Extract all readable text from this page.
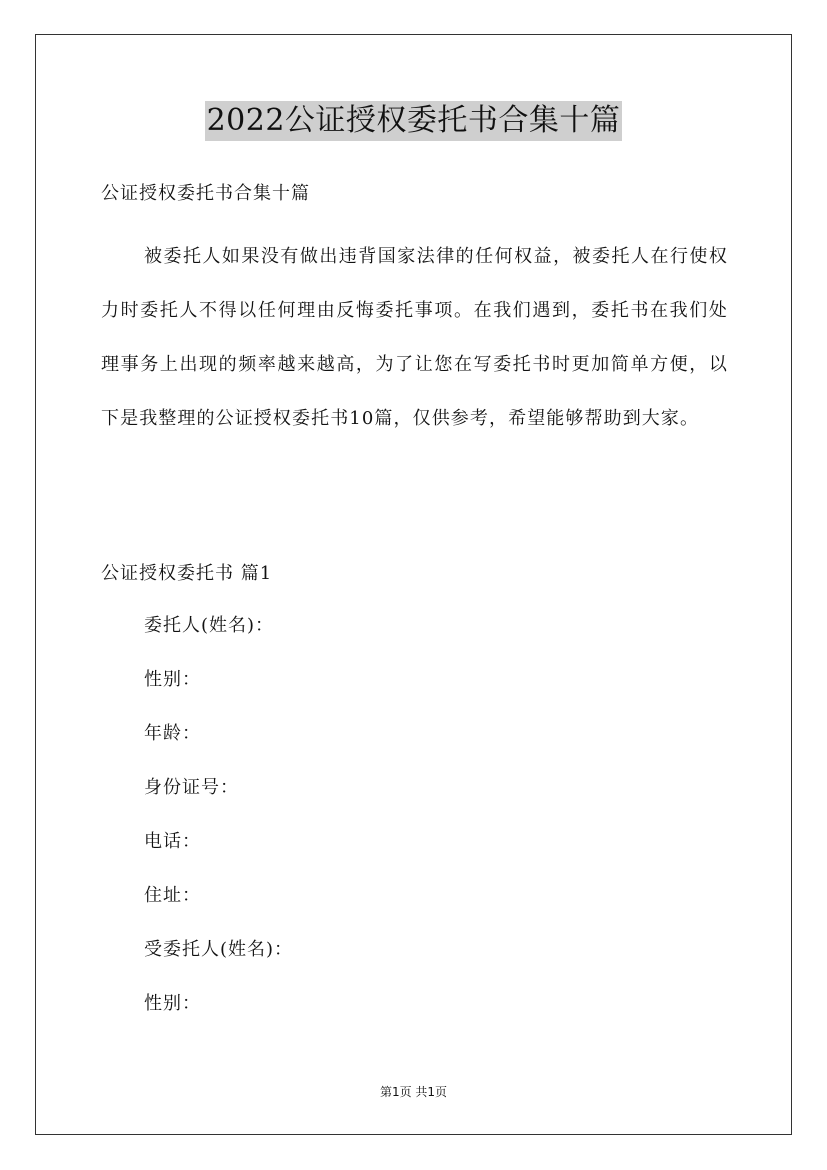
2022公证授权委托书合集十篇

公证授权委托书合集十篇

被委托人如果没有做出违背国家法律的任何权益，被委托人在行使权力时委托人不得以任何理由反悔委托事项。在我们遇到，委托书在我们处理事务上出现的频率越来越高，为了让您在写委托书时更加简单方便，以下是我整理的公证授权委托书10篇，仅供参考，希望能够帮助到大家。

公证授权委托书 篇1

委托人(姓名)：
性别：
年龄：
身份证号：
电话：
住址：
受委托人(姓名)：
性别：
第1页 共1页
